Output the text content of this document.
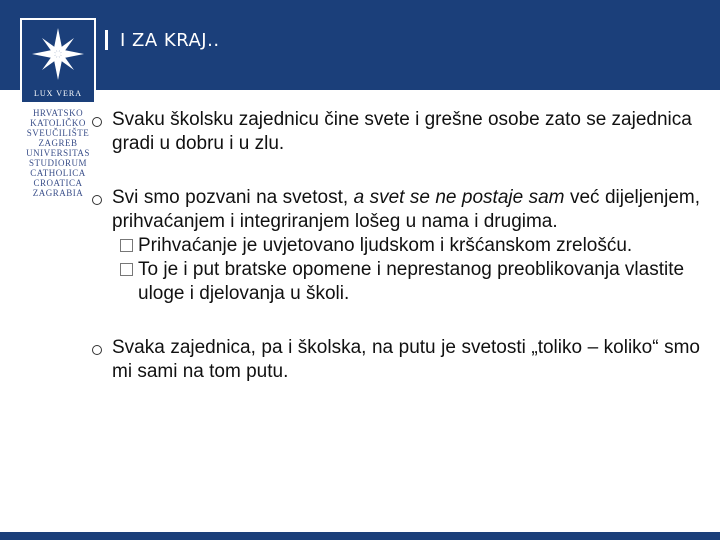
I ZA KRAJ..
LUX VERA
HRVATSKO
KATOLIČKO
SVEUČILIŠTE
ZAGREB
UNIVERSITAS
STUDIORUM
CATHOLICA
CROATICA
ZAGRABIA
Svaku školsku zajednicu čine svete i grešne osobe zato se zajednica gradi u dobru i u zlu.
Svi smo pozvani na svetost, a svet se ne postaje sam već dijeljenjem, prihvaćanjem i integriranjem lošeg u nama i drugima.
Prihvaćanje je uvjetovano ljudskom i kršćanskom zrelošću.
To je i put bratske opomene i neprestanog preoblikovanja vlastite uloge i djelovanja u školi.
Svaka zajednica, pa i školska, na putu je svetosti „toliko – koliko“ smo mi sami na tom putu.
